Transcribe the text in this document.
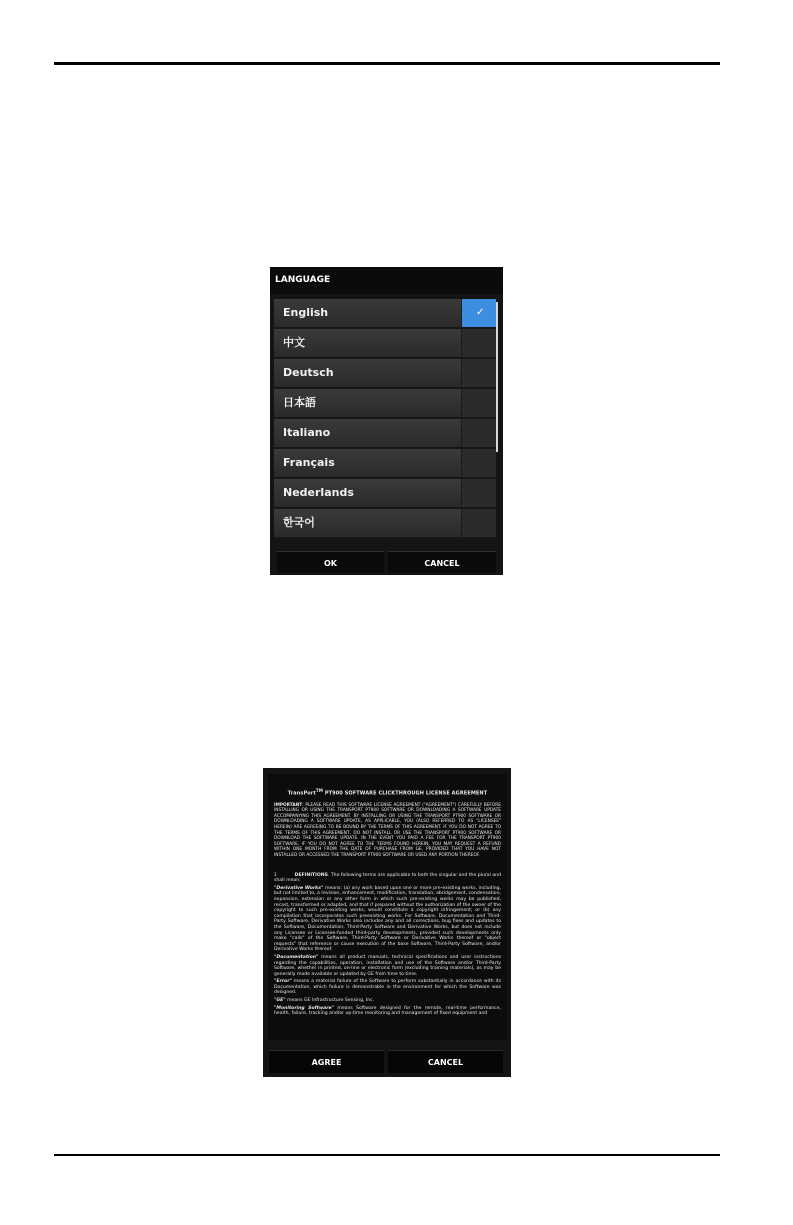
LANGUAGE
English	✓
中文
Deutsch
日本語
Italiano
Français
Nederlands
한국어
OK	CANCEL
TransPort™ PT900 SOFTWARE CLICKTHROUGH LICENSE AGREEMENT

IMPORTANT: PLEASE READ THIS SOFTWARE LICENSE AGREEMENT ("AGREEMENT") CAREFULLY BEFORE INSTALLING OR USING THE TRANSPORT PT900 SOFTWARE OR DOWNLOADING A SOFTWARE UPDATE ACCOMPANYING THIS AGREEMENT. BY INSTALLING OR USING THE TRANSPORT PT900 SOFTWARE OR DOWNLOADING A SOFTWARE UPDATE, AS APPLICABLE, YOU (ALSO REFERRED TO AS "LICENSEE" HEREIN) ARE AGREEING TO BE BOUND BY THE TERMS OF THIS AGREEMENT. IF YOU DO NOT AGREE TO THE TERMS OF THIS AGREEMENT, DO NOT INSTALL OR USE THE TRANSPORT PT900 SOFTWARE OR DOWNLOAD THE SOFTWARE UPDATE. IN THE EVENT YOU PAID A FEE FOR THE TRANSPORT PT900 SOFTWARE, IF YOU DO NOT AGREE TO THE TERMS FOUND HEREIN, YOU MAY REQUEST A REFUND WITHIN ONE MONTH FROM THE DATE OF PURCHASE FROM GE, PROVIDED THAT YOU HAVE NOT INSTALLED OR ACCESSED THE TRANSPORT PT900 SOFTWARE OR USED ANY PORTION THEREOF.

1	DEFINITIONS. The following terms are applicable to both the singular and the plural and shall mean:

"Derivative Works" means: (a) any work based upon one or more pre-existing works, including, but not limited to, a revision, enhancement, modification, translation, abridgement, condensation, expansion, extension or any other form in which such pre-existing works may be published, recast, transformed or adapted, and that if prepared without the authorization of the owner of the copyright to such pre-existing works, would constitute a copyright infringement; or (b) any compilation that incorporates such preexisting works. For Software, Documentation and Third-Party Software, Derivative Works also includes any and all corrections, bug fixes and updates to the Software, Documentation, Third-Party Software and Derivative Works, but does not include any Licensee or Licensee-funded third-party developments, provided such developments only make "calls" of the Software, Third-Party Software or Derivative Works thereof or "object requests" that reference or cause execution of the base Software, Third-Party Software, and/or Derivative Works thereof.

"Documentation" means all product manuals, technical specifications and user instructions regarding the capabilities, operation, installation and use of the Software and/or Third-Party Software, whether in printed, on-line or electronic form (excluding training materials), as may be generally made available or updated by GE from time to time.

"Error" means a material failure of the Software to perform substantially in accordance with its Documentation, which failure is demonstrable in the environment for which the Software was designed.

"GE" means GE Infrastructure Sensing, Inc.

"Monitoring Software" means Software designed for the remote, real-time performance, health, failure, tracking and/or up-time monitoring and management of fixed equipment and

AGREE	CANCEL
